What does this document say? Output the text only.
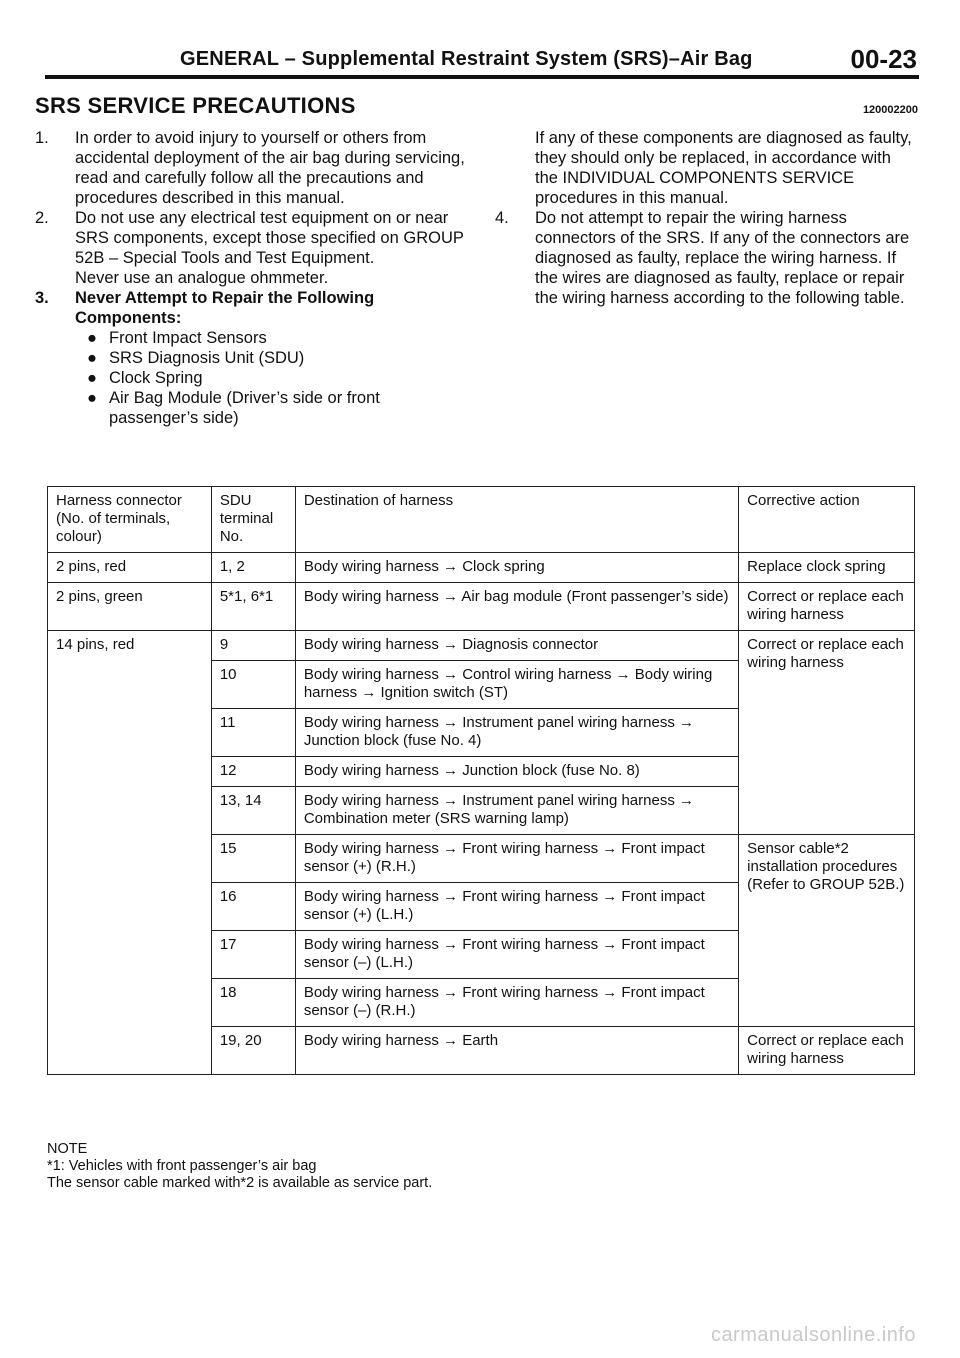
GENERAL – Supplemental Restraint System (SRS)–Air Bag	00-23
SRS SERVICE PRECAUTIONS	120002200
1.	In order to avoid injury to yourself or others from accidental deployment of the air bag during servicing, read and carefully follow all the precautions and procedures described in this manual.
2.	Do not use any electrical test equipment on or near SRS components, except those specified on GROUP 52B – Special Tools and Test Equipment.

Never use an analogue ohmmeter.

3.	Never Attempt to Repair the Following Components:
● Front Impact Sensors
● SRS Diagnosis Unit (SDU)
● Clock Spring
● Air Bag Module (Driver’s side or front passenger’s side)
If any of these components are diagnosed as faulty, they should only be replaced, in accordance with the INDIVIDUAL COMPONENTS SERVICE procedures in this manual.
4.	Do not attempt to repair the wiring harness connectors of the SRS. If any of the connectors are diagnosed as faulty, replace the wiring harness. If the wires are diagnosed as faulty, replace or repair the wiring harness according to the following table.
Harness connector (No. of terminals, colour)	SDU terminal No.	Destination of harness	Corrective action
2 pins, red	1, 2	Body wiring harness → Clock spring	Replace clock spring
2 pins, green	5*1, 6*1	Body wiring harness → Air bag module (Front passenger’s side)	Correct or replace each wiring harness
14 pins, red	9	Body wiring harness → Diagnosis connector	Correct or replace each wiring harness
	10	Body wiring harness → Control wiring harness → Body wiring harness → Ignition switch (ST)	
	11	Body wiring harness → Instrument panel wiring harness → Junction block (fuse No. 4)	
	12	Body wiring harness → Junction block (fuse No. 8)	
	13, 14	Body wiring harness → Instrument panel wiring harness → Combination meter (SRS warning lamp)	
	15	Body wiring harness → Front wiring harness → Front impact sensor (+) (R.H.)	Sensor cable*2 installation procedures (Refer to GROUP 52B.)
	16	Body wiring harness → Front wiring harness → Front impact sensor (+) (L.H.)	
	17	Body wiring harness → Front wiring harness → Front impact sensor (–) (L.H.)	
	18	Body wiring harness → Front wiring harness → Front impact sensor (–) (R.H.)	
	19, 20	Body wiring harness → Earth	Correct or replace each wiring harness
NOTE
*1: Vehicles with front passenger’s air bag
The sensor cable marked with*2 is available as service part.
carmanualsonline.info
